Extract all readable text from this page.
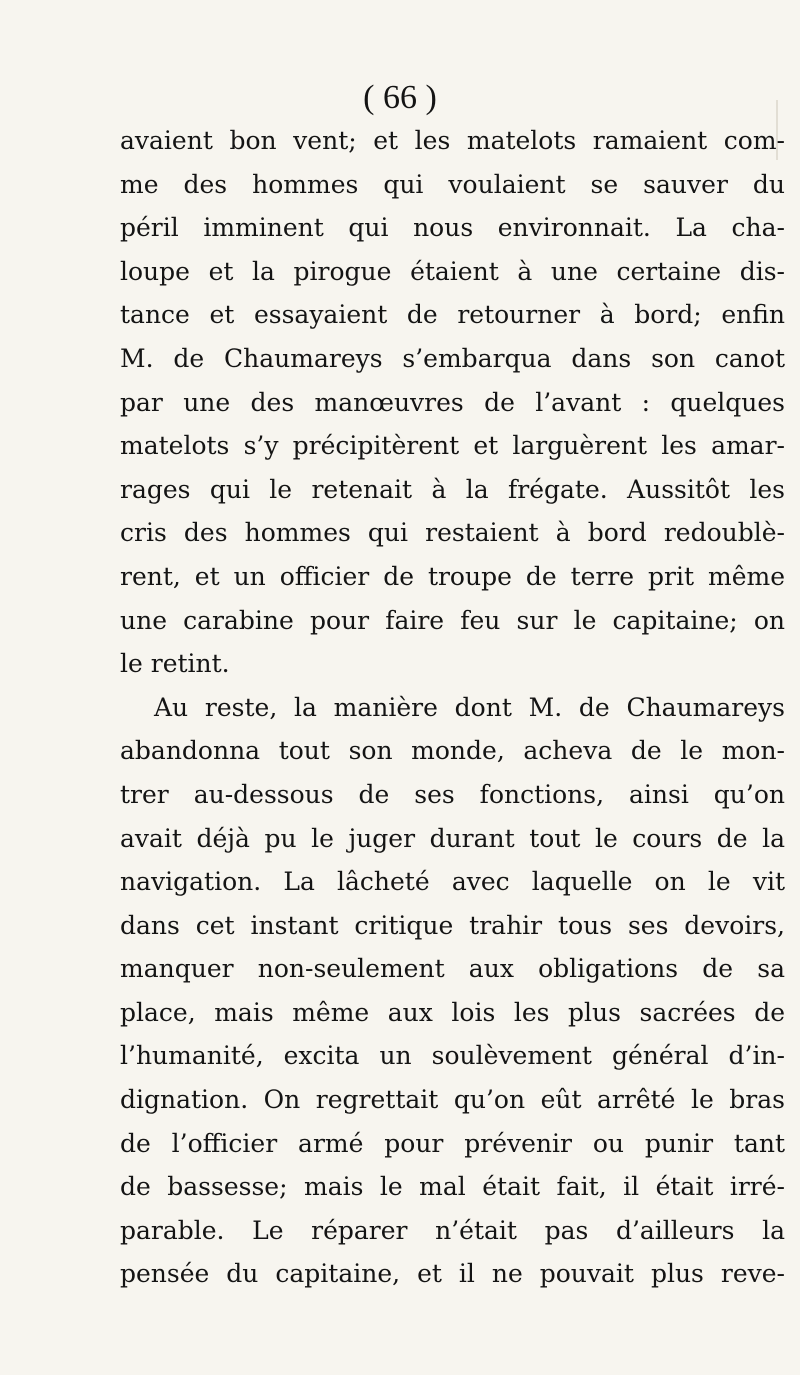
( 66 )
avaient bon vent; et les matelots ramaient com-
me des hommes qui voulaient se sauver du
péril imminent qui nous environnait. La cha-
loupe et la pirogue étaient à une certaine dis-
tance et essayaient de retourner à bord; enfin
M. de Chaumareys s’embarqua dans son canot
par une des manœuvres de l’avant : quelques
matelots s’y précipitèrent et larguèrent les amar-
rages qui le retenait à la frégate. Aussitôt les
cris des hommes qui restaient à bord redoublè-
rent, et un officier de troupe de terre prit même
une carabine pour faire feu sur le capitaine; on
le retint.
Au reste, la manière dont M. de Chaumareys
abandonna tout son monde, acheva de le mon-
trer au-dessous de ses fonctions, ainsi qu’on
avait déjà pu le juger durant tout le cours de la
navigation. La lâcheté avec laquelle on le vit
dans cet instant critique trahir tous ses devoirs,
manquer non-seulement aux obligations de sa
place, mais même aux lois les plus sacrées de
l’humanité, excita un soulèvement général d’in-
dignation. On regrettait qu’on eût arrêté le bras
de l’officier armé pour prévenir ou punir tant
de bassesse; mais le mal était fait, il était irré-
parable. Le réparer n’était pas d’ailleurs la
pensée du capitaine, et il ne pouvait plus reve-
